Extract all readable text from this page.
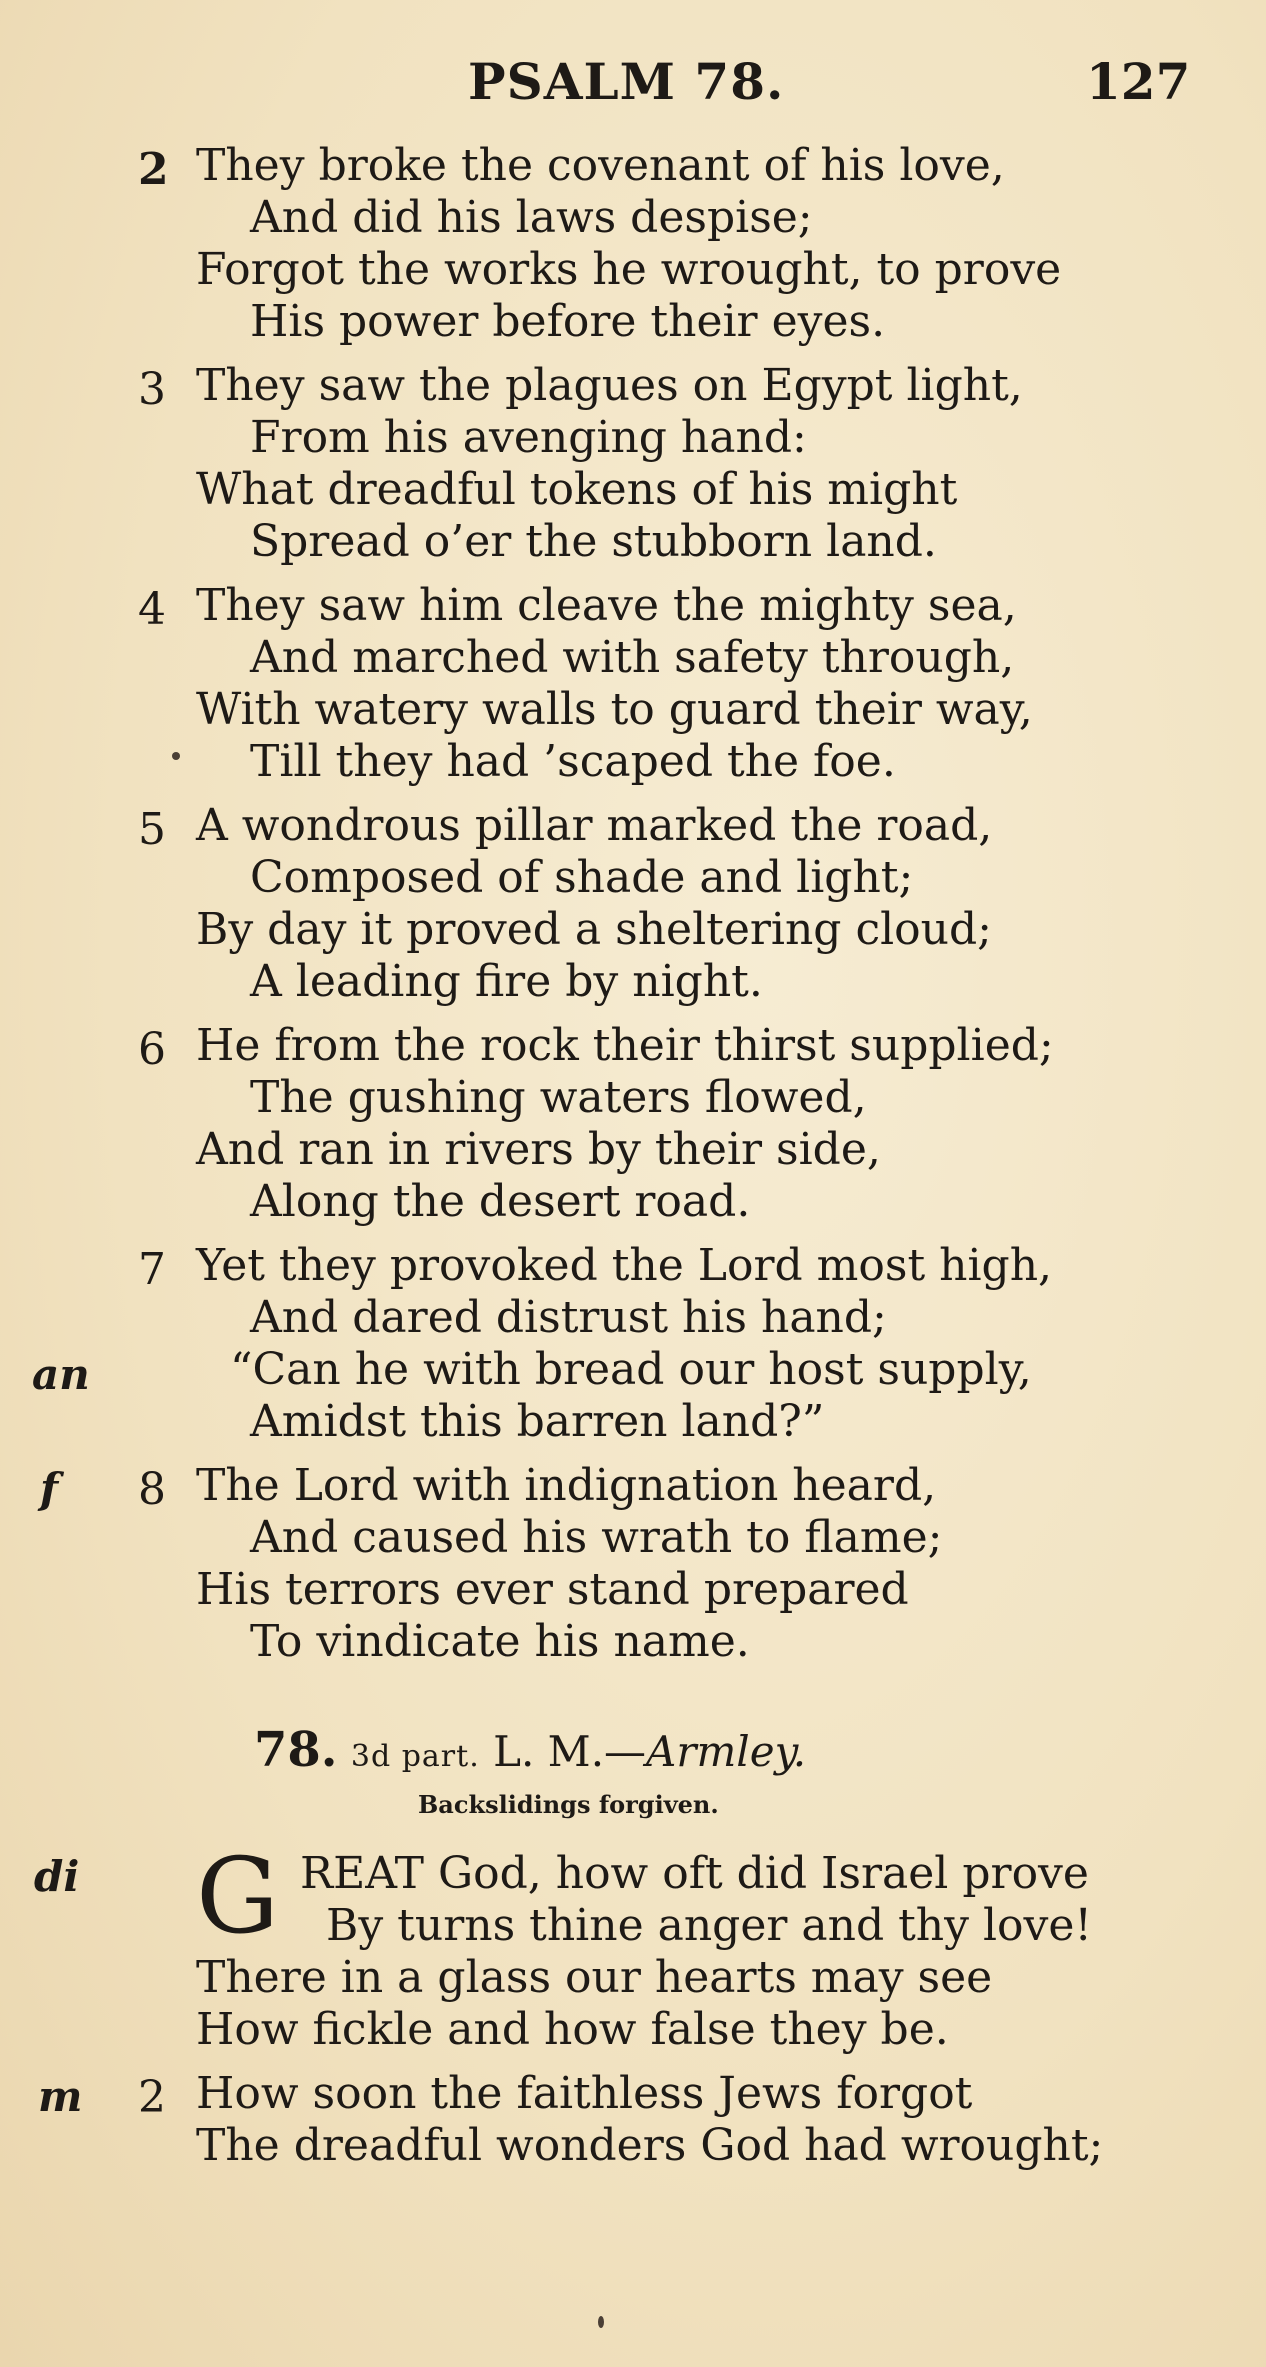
PSALM 78.	127
2 They broke the covenant of his love,
And did his laws despise;
Forgot the works he wrought, to prove
His power before their eyes.
3 They saw the plagues on Egypt light,
From his avenging hand:
What dreadful tokens of his might
Spread o’er the stubborn land.
4 They saw him cleave the mighty sea,
And marched with safety through,
With watery walls to guard their way,
Till they had ’scaped the foe.
5 A wondrous pillar marked the road,
Composed of shade and light;
By day it proved a sheltering cloud;
A leading fire by night.
6 He from the rock their thirst supplied;
The gushing waters flowed,
And ran in rivers by their side,
Along the desert road.
7 Yet they provoked the Lord most high,
And dared distrust his hand;
an	“Can he with bread our host supply,
Amidst this barren land?”
f 8 The Lord with indignation heard,
And caused his wrath to flame;
His terrors ever stand prepared
To vindicate his name.
78. 3d part. L. M.—Armley.
Backslidings forgiven.
di G REAT God, how oft did Israel prove
By turns thine anger and thy love!
There in a glass our hearts may see
How fickle and how false they be.
m 2 How soon the faithless Jews forgot
The dreadful wonders God had wrought;
